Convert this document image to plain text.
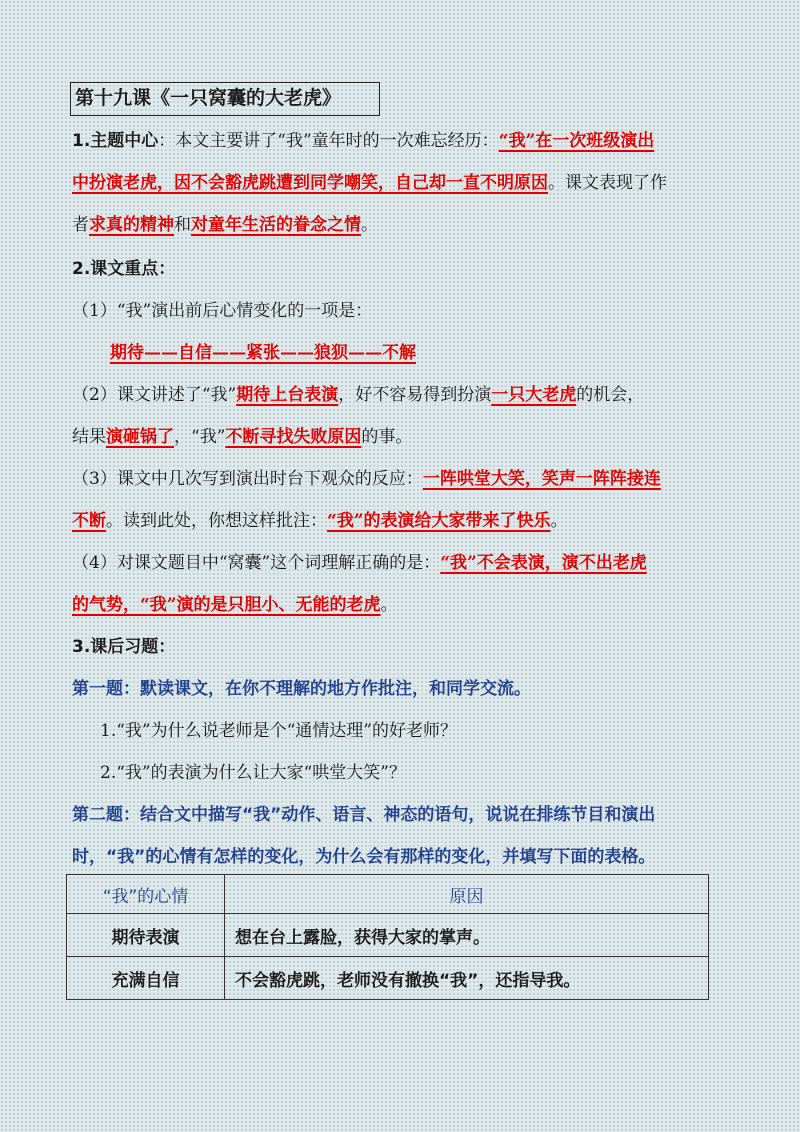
第十九课《一只窝囊的大老虎》
1.主题中心：本文主要讲了“我”童年时的一次难忘经历：“我”在一次班级演出
中扮演老虎，因不会豁虎跳遭到同学嘲笑，自己却一直不明原因。课文表现了作
者求真的精神和对童年生活的眷念之情。
2.课文重点：
（1）“我”演出前后心情变化的一项是：
期待——自信——紧张——狼狈——不解
（2）课文讲述了“我”期待上台表演，好不容易得到扮演一只大老虎的机会，
结果演砸锅了，“我”不断寻找失败原因的事。
（3）课文中几次写到演出时台下观众的反应：一阵哄堂大笑，笑声一阵阵接连
不断。读到此处，你想这样批注：“我”的表演给大家带来了快乐。
（4）对课文题目中“窝囊”这个词理解正确的是：“我”不会表演，演不出老虎
的气势，“我”演的是只胆小、无能的老虎。
3.课后习题：
第一题：默读课文，在你不理解的地方作批注，和同学交流。
1.“我”为什么说老师是个“通情达理”的好老师？
2.“我”的表演为什么让大家“哄堂大笑”？
第二题：结合文中描写“我”动作、语言、神态的语句，说说在排练节目和演出
时，“我”的心情有怎样的变化，为什么会有那样的变化，并填写下面的表格。
“我”的心情	原因
期待表演	想在台上露脸，获得大家的掌声。
充满自信	不会豁虎跳，老师没有撤换“我”，还指导我。
